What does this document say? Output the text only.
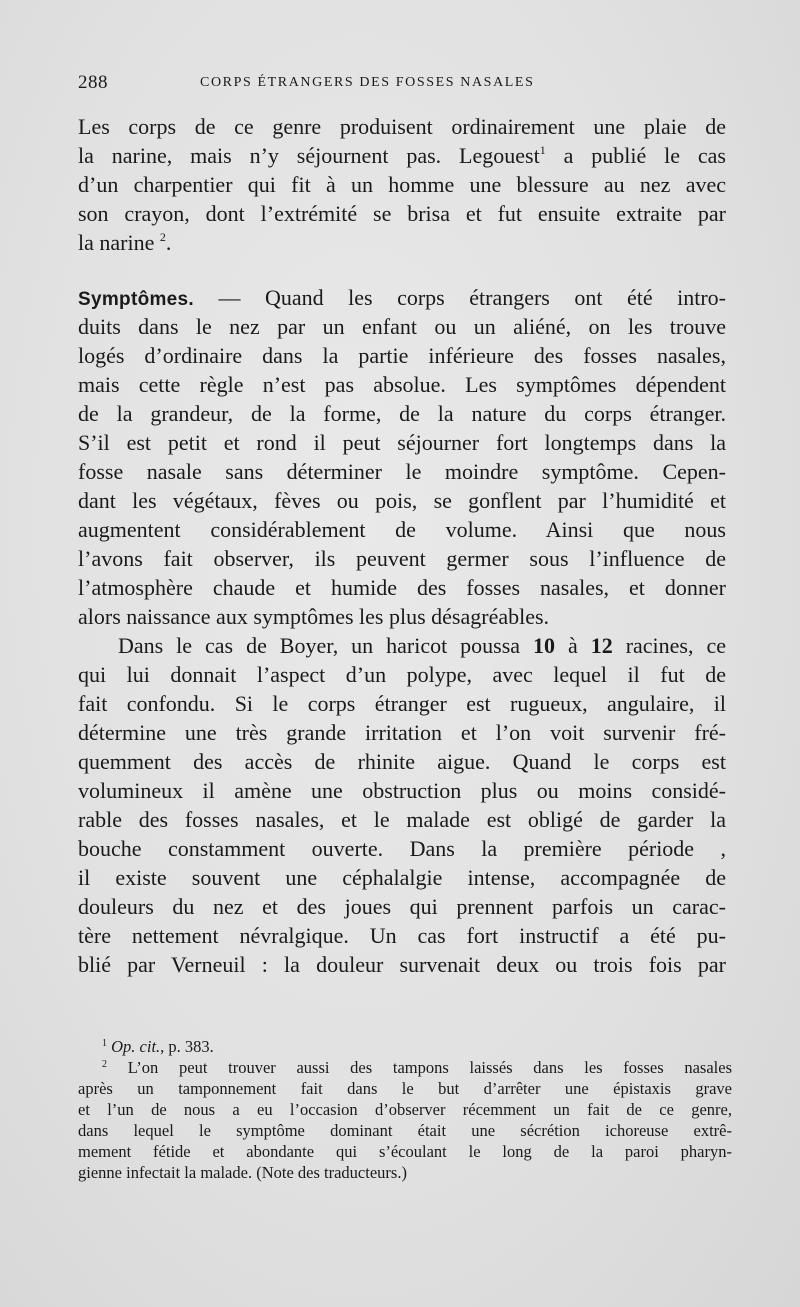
288	CORPS ÉTRANGERS DES FOSSES NASALES
Les corps de ce genre produisent ordinairement une plaie de
la narine, mais n’y séjournent pas. Legouest$^1$ a publié le cas
d’un charpentier qui fit à un homme une blessure au nez avec
son crayon, dont l’extrémité se brisa et fut ensuite extraite par
la narine $^2$.
Symptômes. — Quand les corps étrangers ont été intro-
duits dans le nez par un enfant ou un aliéné, on les trouve
logés d’ordinaire dans la partie inférieure des fosses nasales,
mais cette règle n’est pas absolue. Les symptômes dépendent
de la grandeur, de la forme, de la nature du corps étranger.
S’il est petit et rond il peut séjourner fort longtemps dans la
fosse nasale sans déterminer le moindre symptôme. Cepen-
dant les végétaux, fèves ou pois, se gonflent par l’humidité et
augmentent considérablement de volume. Ainsi que nous
l’avons fait observer, ils peuvent germer sous l’influence de
l’atmosphère chaude et humide des fosses nasales, et donner
alors naissance aux symptômes les plus désagréables.
Dans le cas de Boyer, un haricot poussa 10 à 12 racines, ce
qui lui donnait l’aspect d’un polype, avec lequel il fut de
fait confondu. Si le corps étranger est rugueux, angulaire, il
détermine une très grande irritation et l’on voit survenir fré-
quemment des accès de rhinite aigue. Quand le corps est
volumineux il amène une obstruction plus ou moins considé-
rable des fosses nasales, et le malade est obligé de garder la
bouche constamment ouverte. Dans la première période ,
il existe souvent une céphalalgie intense, accompagnée de
douleurs du nez et des joues qui prennent parfois un carac-
tère nettement névralgique. Un cas fort instructif a été pu-
blié par Verneuil : la douleur survenait deux ou trois fois par
$^1$ Op. cit., p. 383.
$^2$ L’on peut trouver aussi des tampons laissés dans les fosses nasales
après un tamponnement fait dans le but d’arrêter une épistaxis grave
et l’un de nous a eu l’occasion d’observer récemment un fait de ce genre,
dans lequel le symptôme dominant était une sécrétion ichoreuse extrê-
mement fétide et abondante qui s’écoulant le long de la paroi pharyn-
gienne infectait la malade. (Note des traducteurs.)
